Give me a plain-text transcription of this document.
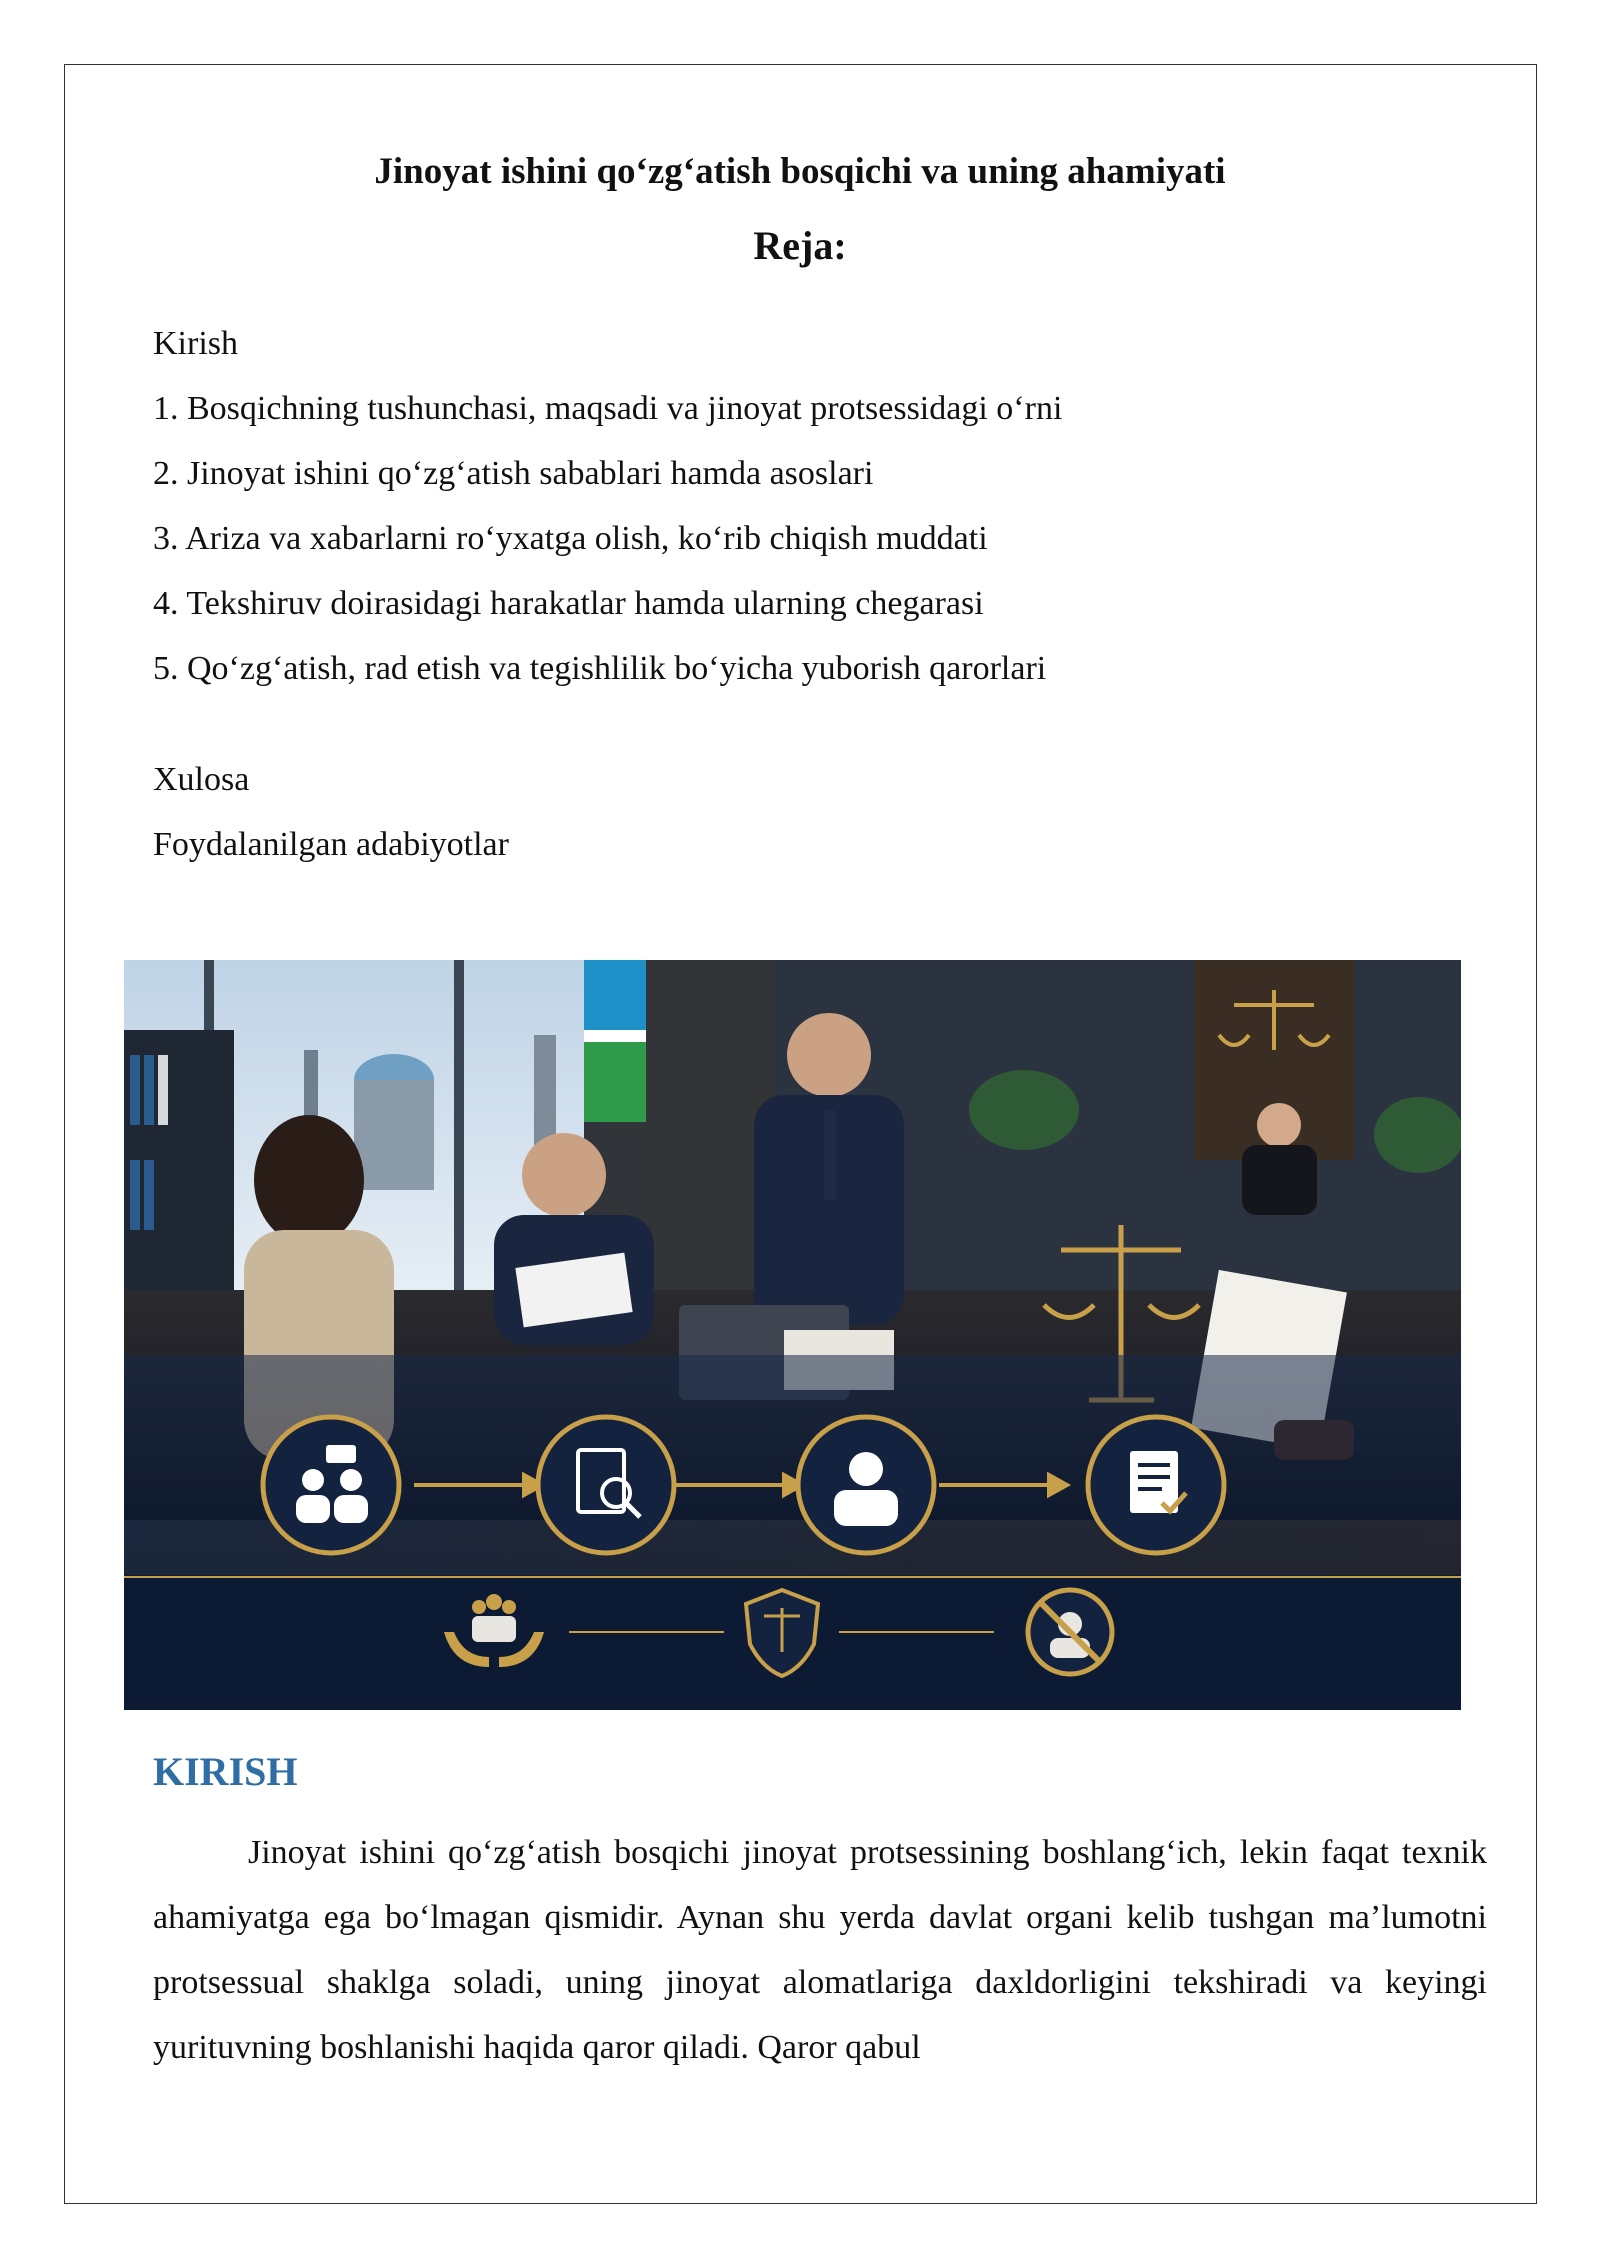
Jinoyat ishini qo‘zg‘atish bosqichi va uning ahamiyati
Reja:
Kirish
1. Bosqichning tushunchasi, maqsadi va jinoyat protsessidagi o‘rni
2. Jinoyat ishini qo‘zg‘atish sabablari hamda asoslari
3. Ariza va xabarlarni ro‘yxatga olish, ko‘rib chiqish muddati
4. Tekshiruv doirasidagi harakatlar hamda ularning chegarasi
5. Qo‘zg‘atish, rad etish va tegishlilik bo‘yicha yuborish qarorlari
Xulosa
Foydalanilgan adabiyotlar
KIRISH
Jinoyat ishini qo‘zg‘atish bosqichi jinoyat protsessining boshlang‘ich, lekin faqat texnik ahamiyatga ega bo‘lmagan qismidir. Aynan shu yerda davlat organi kelib tushgan ma’lumotni protsessual shaklga soladi, uning jinoyat alomatlariga daxldorligini tekshiradi va keyingi yurituvning boshlanishi haqida qaror qiladi. Qaror qabul
